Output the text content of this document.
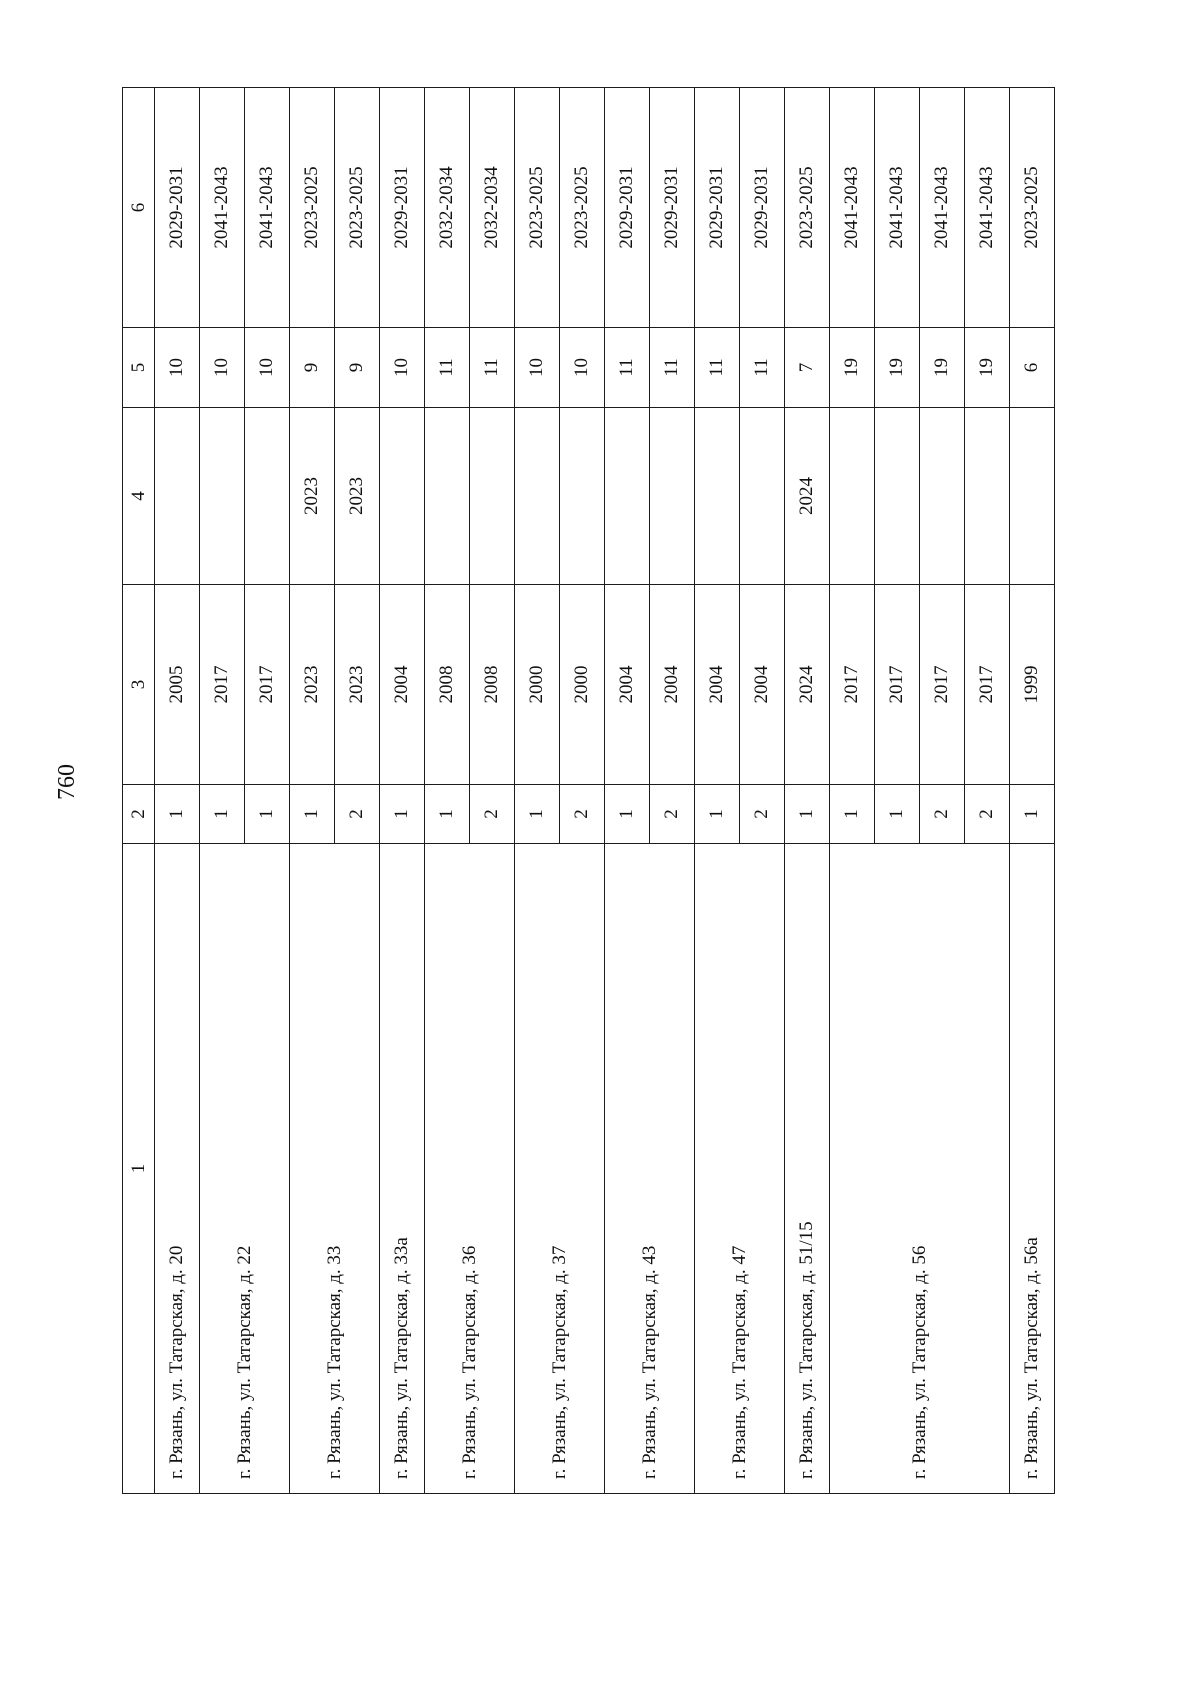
760
1	2	3	4	5	6
г. Рязань, ул. Татарская, д. 20	1	2005		10	2029-2031
г. Рязань, ул. Татарская, д. 22	1	2017		10	2041-2043
	1	2017		10	2041-2043
г. Рязань, ул. Татарская, д. 33	1	2023	2023	9	2023-2025
	2	2023	2023	9	2023-2025
г. Рязань, ул. Татарская, д. 33а	1	2004		10	2029-2031
г. Рязань, ул. Татарская, д. 36	1	2008		11	2032-2034
	2	2008		11	2032-2034
г. Рязань, ул. Татарская, д. 37	1	2000		10	2023-2025
	2	2000		10	2023-2025
г. Рязань, ул. Татарская, д. 43	1	2004		11	2029-2031
	2	2004		11	2029-2031
г. Рязань, ул. Татарская, д. 47	1	2004		11	2029-2031
	2	2004		11	2029-2031
г. Рязань, ул. Татарская, д. 51/15	1	2024	2024	7	2023-2025
г. Рязань, ул. Татарская, д. 56	1	2017		19	2041-2043
	1	2017		19	2041-2043
	2	2017		19	2041-2043
	2	2017		19	2041-2043
г. Рязань, ул. Татарская, д. 56а	1	1999		6	2023-2025
